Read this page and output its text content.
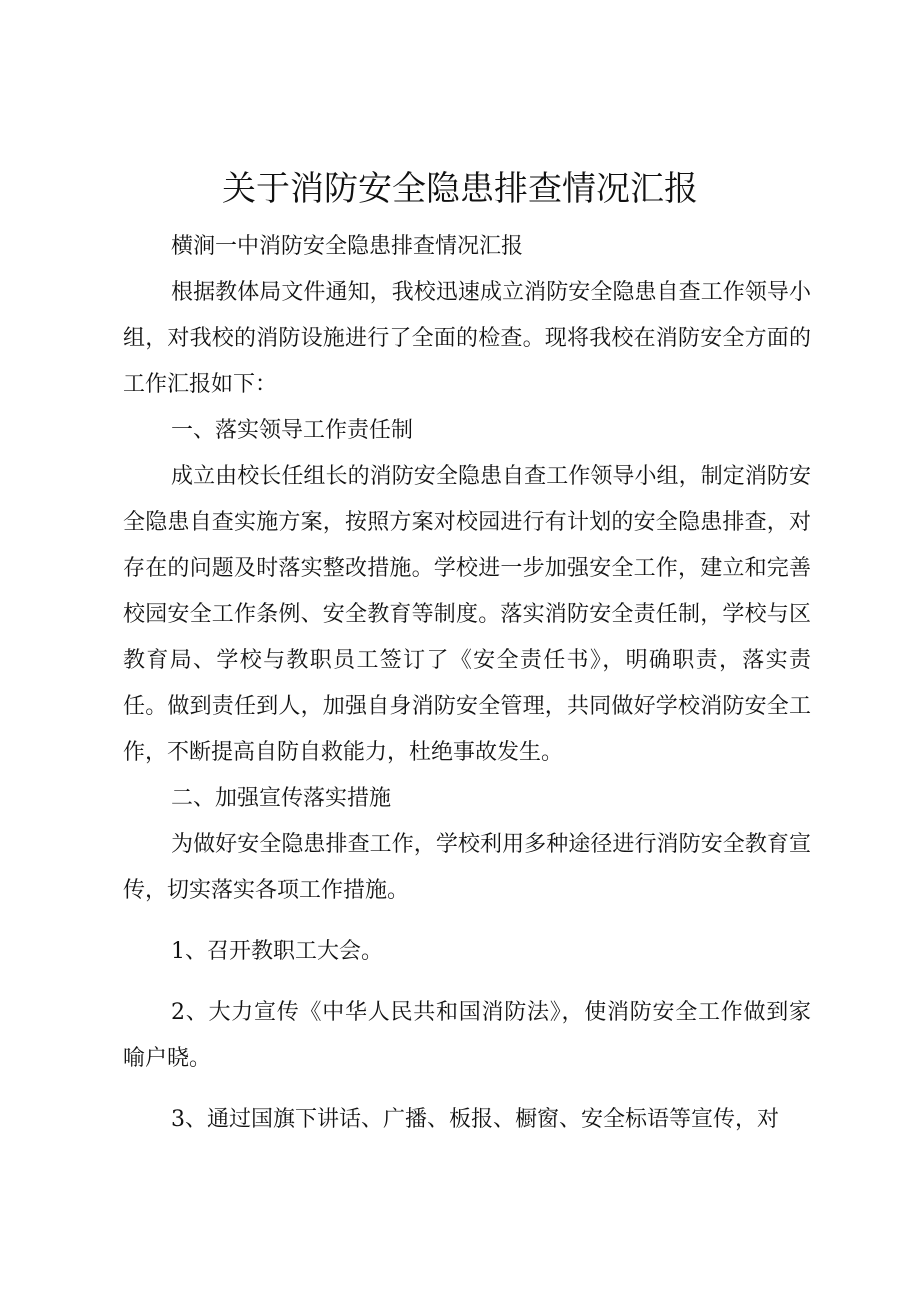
关于消防安全隐患排查情况汇报

横涧一中消防安全隐患排查情况汇报

根据教体局文件通知，我校迅速成立消防安全隐患自查工作领导小组，对我校的消防设施进行了全面的检查。现将我校在消防安全方面的工作汇报如下：

一、落实领导工作责任制

成立由校长任组长的消防安全隐患自查工作领导小组，制定消防安全隐患自查实施方案，按照方案对校园进行有计划的安全隐患排查，对存在的问题及时落实整改措施。学校进一步加强安全工作，建立和完善校园安全工作条例、安全教育等制度。落实消防安全责任制，学校与区教育局、学校与教职员工签订了《安全责任书》，明确职责，落实责任。做到责任到人，加强自身消防安全管理，共同做好学校消防安全工作，不断提高自防自救能力，杜绝事故发生。

二、加强宣传落实措施

为做好安全隐患排查工作，学校利用多种途径进行消防安全教育宣传，切实落实各项工作措施。

1、召开教职工大会。

2、大力宣传《中华人民共和国消防法》，使消防安全工作做到家喻户晓。

3、通过国旗下讲话、广播、板报、橱窗、安全标语等宣传，对
